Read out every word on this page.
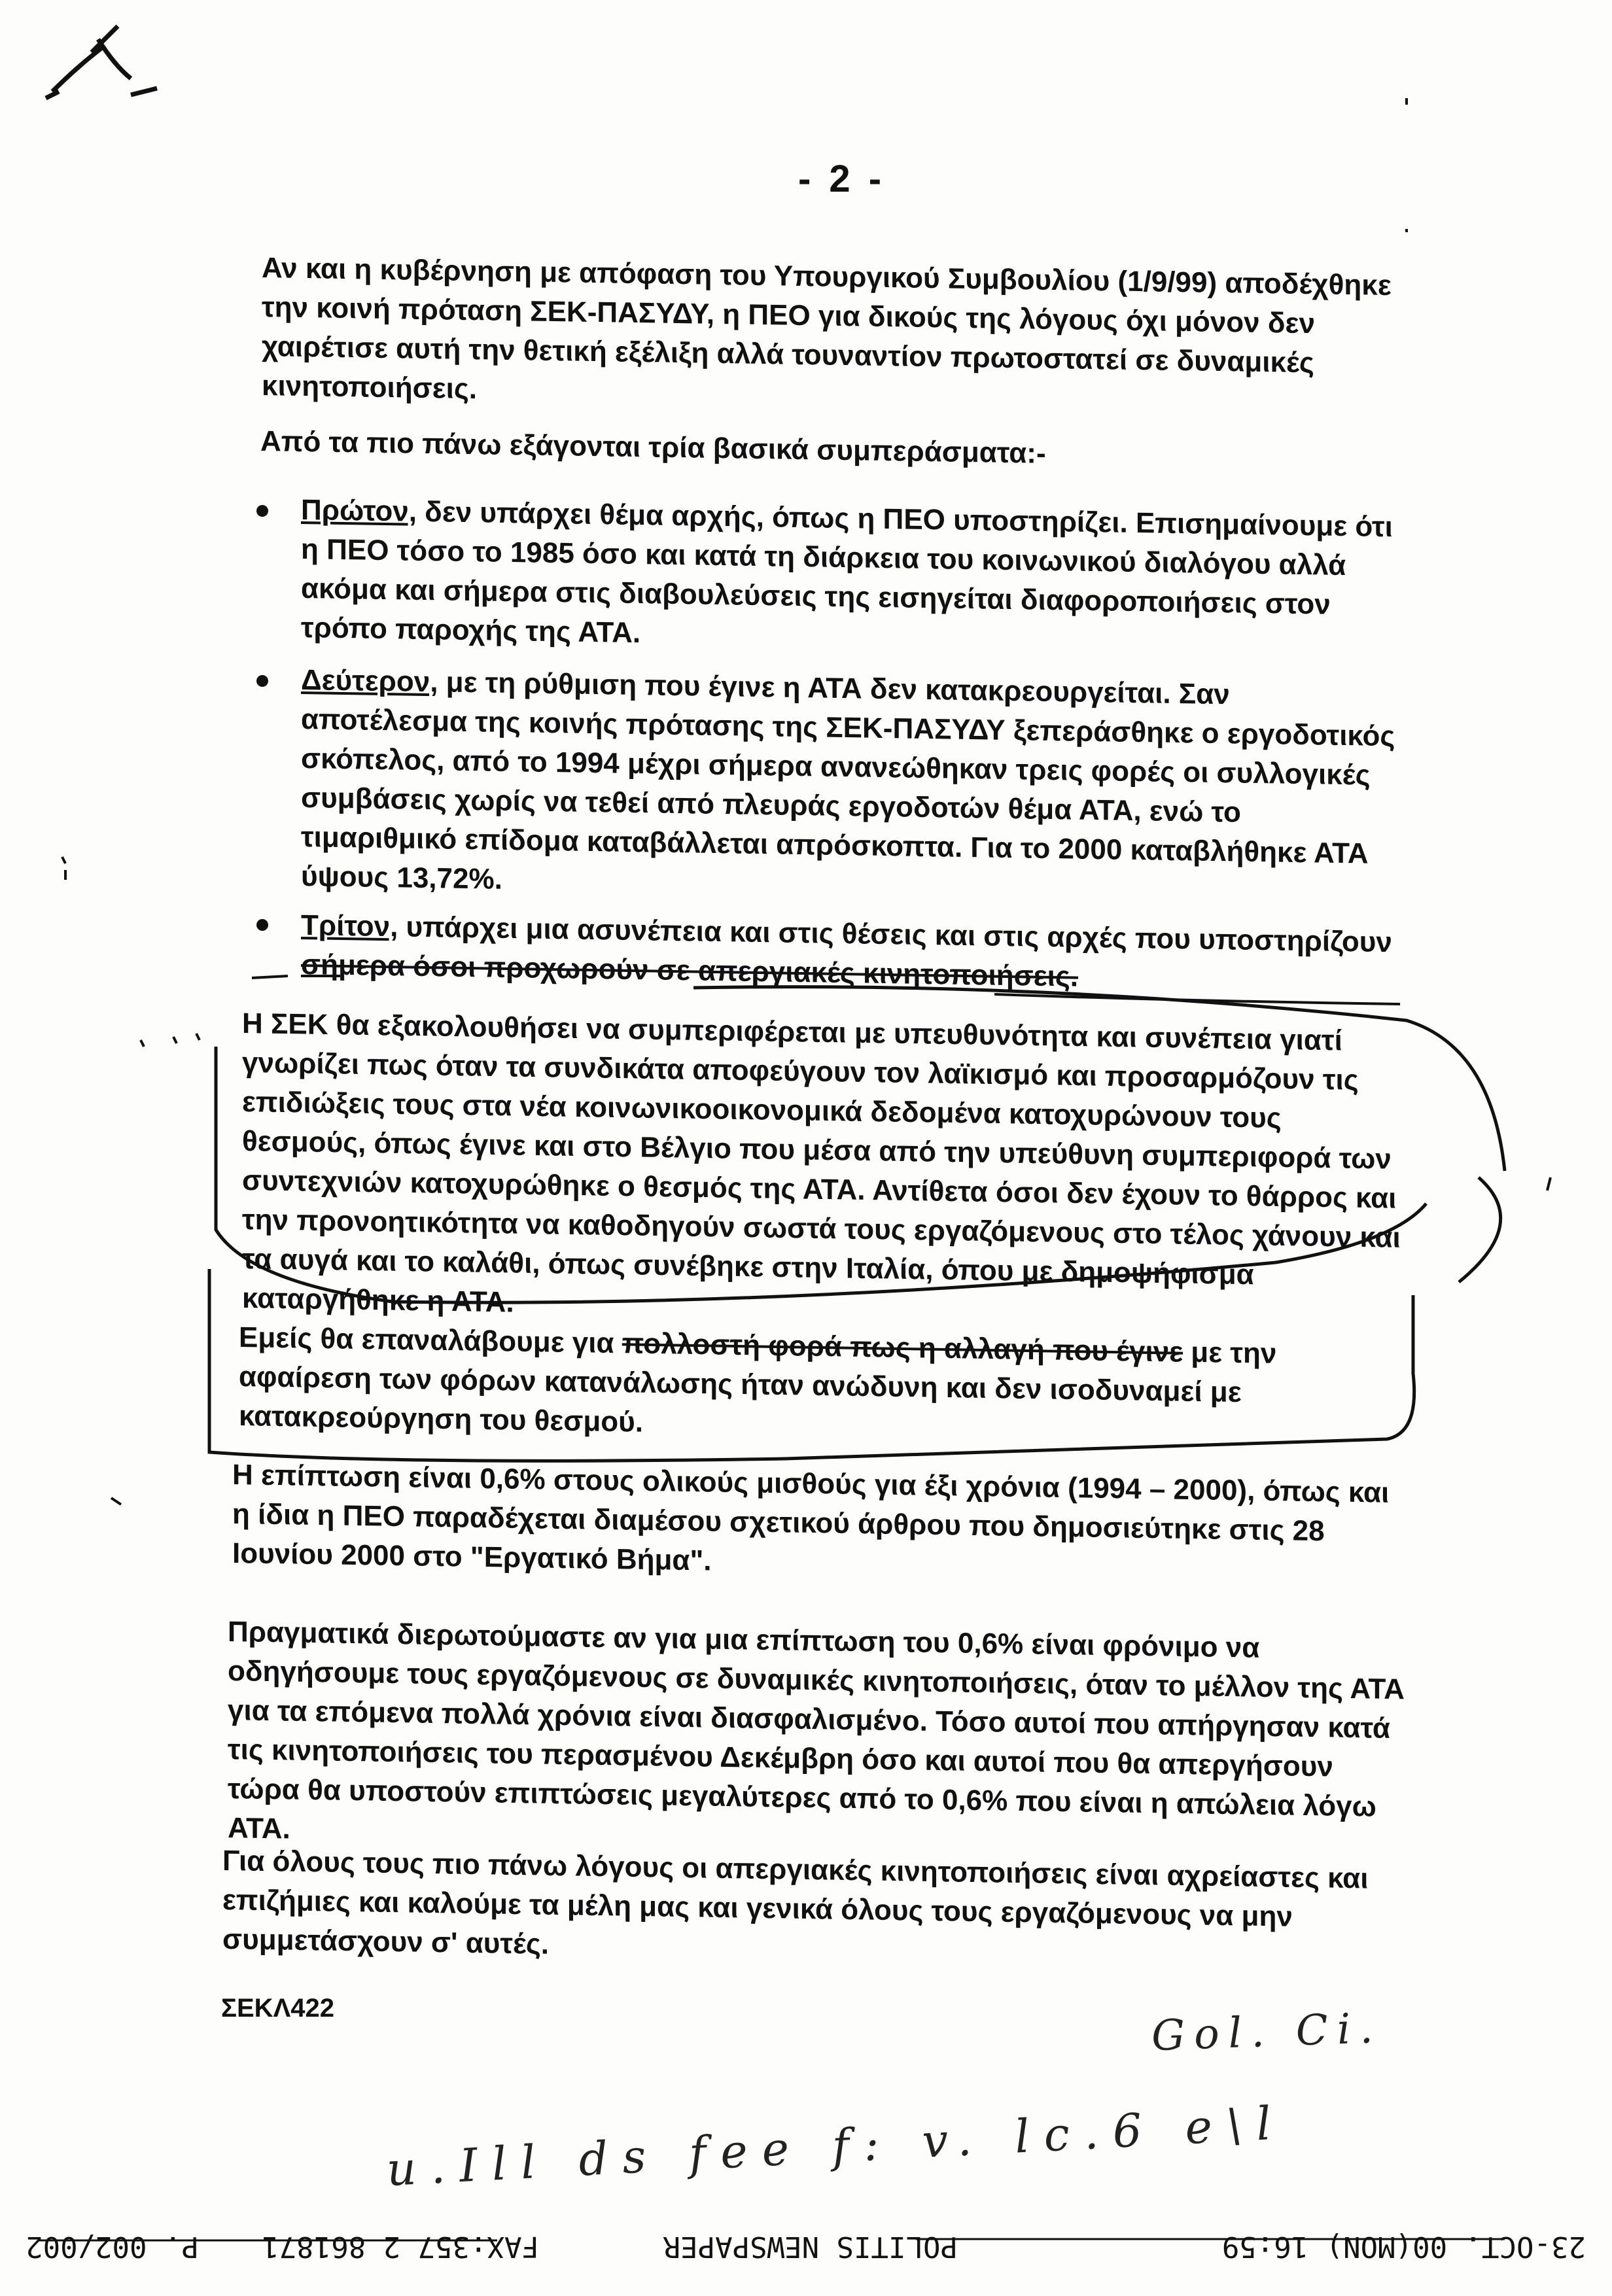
- 2 -
Αν και η κυβέρνηση με απόφαση του Υπουργικού Συμβουλίου (1/9/99) αποδέχθηκε την κοινή πρόταση ΣΕΚ-ΠΑΣΥΔΥ, η ΠΕΟ για δικούς της λόγους όχι μόνον δεν χαιρέτισε αυτή την θετική εξέλιξη αλλά τουναντίον πρωτοστατεί σε δυναμικές κινητοποιήσεις.
Από τα πιο πάνω εξάγονται τρία βασικά συμπεράσματα:-
Πρώτον, δεν υπάρχει θέμα αρχής, όπως η ΠΕΟ υποστηρίζει. Επισημαίνουμε ότι η ΠΕΟ τόσο το 1985 όσο και κατά τη διάρκεια του κοινωνικού διαλόγου αλλά ακόμα και σήμερα στις διαβουλεύσεις της εισηγείται διαφοροποιήσεις στον τρόπο παροχής της ΑΤΑ.
Δεύτερον, με τη ρύθμιση που έγινε η ΑΤΑ δεν κατακρεουργείται. Σαν αποτέλεσμα της κοινής πρότασης της ΣΕΚ-ΠΑΣΥΔΥ ξεπεράσθηκε ο εργοδοτικός σκόπελος, από το 1994 μέχρι σήμερα ανανεώθηκαν τρεις φορές οι συλλογικές συμβάσεις χωρίς να τεθεί από πλευράς εργοδοτών θέμα ΑΤΑ, ενώ το τιμαριθμικό επίδομα καταβάλλεται απρόσκοπτα. Για το 2000 καταβλήθηκε ΑΤΑ ύψους 13,72%.
Τρίτον, υπάρχει μια ασυνέπεια και στις θέσεις και στις αρχές που υποστηρίζουν σήμερα όσοι προχωρούν σε απεργιακές κινητοποιήσεις.
Η ΣΕΚ θα εξακολουθήσει να συμπεριφέρεται με υπευθυνότητα και συνέπεια γιατί γνωρίζει πως όταν τα συνδικάτα αποφεύγουν τον λαϊκισμό και προσαρμόζουν τις επιδιώξεις τους στα νέα κοινωνικοοικονομικά δεδομένα κατοχυρώνουν τους θεσμούς, όπως έγινε και στο Βέλγιο που μέσα από την υπεύθυνη συμπεριφορά των συντεχνιών κατοχυρώθηκε ο θεσμός της ΑΤΑ. Αντίθετα όσοι δεν έχουν το θάρρος και την προνοητικότητα να καθοδηγούν σωστά τους εργαζόμενους στο τέλος χάνουν και τα αυγά και το καλάθι, όπως συνέβηκε στην Ιταλία, όπου με δημοψήφισμα καταργήθηκε η ΑΤΑ.
Εμείς θα επαναλάβουμε για πολλοστή φορά πως η αλλαγή που έγινε με την αφαίρεση των φόρων κατανάλωσης ήταν ανώδυνη και δεν ισοδυναμεί με κατακρεούργηση του θεσμού.
Η επίπτωση είναι 0,6% στους ολικούς μισθούς για έξι χρόνια (1994 – 2000), όπως και η ίδια η ΠΕΟ παραδέχεται διαμέσου σχετικού άρθρου που δημοσιεύτηκε στις 28 Ιουνίου 2000 στο "Εργατικό Βήμα".
Πραγματικά διερωτούμαστε αν για μια επίπτωση του 0,6% είναι φρόνιμο να οδηγήσουμε τους εργαζόμενους σε δυναμικές κινητοποιήσεις, όταν το μέλλον της ΑΤΑ για τα επόμενα πολλά χρόνια είναι διασφαλισμένο. Τόσο αυτοί που απήργησαν κατά τις κινητοποιήσεις του περασμένου Δεκέμβρη όσο και αυτοί που θα απεργήσουν τώρα θα υποστούν επιπτώσεις μεγαλύτερες από το 0,6% που είναι η απώλεια λόγω ΑΤΑ.
Για όλους τους πιο πάνω λόγους οι απεργιακές κινητοποιήσεις είναι αχρείαστες και επιζήμιες και καλούμε τα μέλη μας και γενικά όλους τους εργαζόμενους να μην συμμετάσχουν σ' αυτές.
ΣΕΚΛ422	Gol. Ci.
u.Ill ds fee f: v. lc.6 e\l
23-OCT. 00(MON) 16:59
POLITIS NEWSPAPER
FAX:357 2 861871
P. 002/002
